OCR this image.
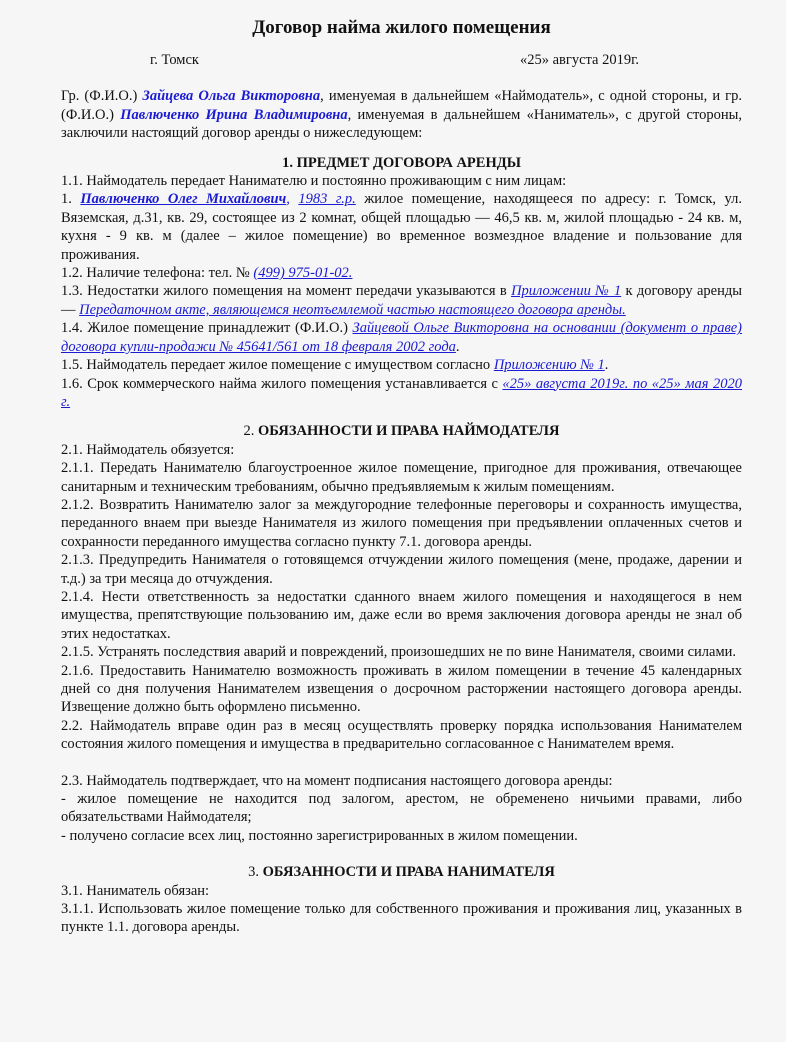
Договор найма жилого помещения
г. Томск	«25» августа 2019г.

Гр. (Ф.И.О.) Зайцева Ольга Викторовна, именуемая в дальнейшем «Наймодатель», с одной стороны, и гр. (Ф.И.О.) Павлюченко Ирина Владимировна, именуемая в дальнейшем «Наниматель», с другой стороны, заключили настоящий договор аренды о нижеследующем:

1. ПРЕДМЕТ ДОГОВОРА АРЕНДЫ

1.1. Наймодатель передает Нанимателю и постоянно проживающим с ним лицам:

1. Павлюченко Олег Михайлович, 1983 г.р. жилое помещение, находящееся по адресу: г. Томск, ул. Вяземская, д.31, кв. 29, состоящее из 2 комнат, общей площадью — 46,5 кв. м, жилой площадью - 24 кв. м, кухня - 9 кв. м (далее – жилое помещение) во временное возмездное владение и пользование для проживания.

1.2. Наличие телефона: тел. № (499) 975-01-02.

1.3. Недостатки жилого помещения на момент передачи указываются в Приложении № 1 к договору аренды — Передаточном акте, являющемся неотъемлемой частью настоящего договора аренды.

1.4. Жилое помещение принадлежит (Ф.И.О.) Зайцевой Ольге Викторовна на основании (документ о праве) договора купли-продажи № 45641/561 от 18 февраля 2002 года.

1.5. Наймодатель передает жилое помещение с имуществом согласно Приложению № 1.

1.6. Срок коммерческого найма жилого помещения устанавливается с «25» августа 2019г. по «25» мая 2020 г.

2. ОБЯЗАННОСТИ И ПРАВА НАЙМОДАТЕЛЯ

2.1. Наймодатель обязуется:

2.1.1. Передать Нанимателю благоустроенное жилое помещение, пригодное для проживания, отвечающее санитарным и техническим требованиям, обычно предъявляемым к жилым помещениям.

2.1.2. Возвратить Нанимателю залог за междугородние телефонные переговоры и сохранность имущества, переданного внаем при выезде Нанимателя из жилого помещения при предъявлении оплаченных счетов и сохранности переданного имущества согласно пункту 7.1. договора аренды.

2.1.3. Предупредить Нанимателя о готовящемся отчуждении жилого помещения (мене, продаже, дарении и т.д.) за три месяца до отчуждения.

2.1.4. Нести ответственность за недостатки сданного внаем жилого помещения и находящегося в нем имущества, препятствующие пользованию им, даже если во время заключения договора аренды не знал об этих недостатках.

2.1.5. Устранять последствия аварий и повреждений, произошедших не по вине Нанимателя, своими силами.

2.1.6. Предоставить Нанимателю возможность проживать в жилом помещении в течение 45 календарных дней со дня получения Нанимателем извещения о досрочном расторжении настоящего договора аренды. Извещение должно быть оформлено письменно.

2.2. Наймодатель вправе один раз в месяц осуществлять проверку порядка использования Нанимателем состояния жилого помещения и имущества в предварительно согласованное с Нанимателем время.

2.3. Наймодатель подтверждает, что на момент подписания настоящего договора аренды:

- жилое помещение не находится под залогом, арестом, не обременено ничьими правами, либо обязательствами Наймодателя;

- получено согласие всех лиц, постоянно зарегистрированных в жилом помещении.

3. ОБЯЗАННОСТИ И ПРАВА НАНИМАТЕЛЯ

3.1. Наниматель обязан:

3.1.1. Использовать жилое помещение только для собственного проживания и проживания лиц, указанных в пункте 1.1. договора аренды.
